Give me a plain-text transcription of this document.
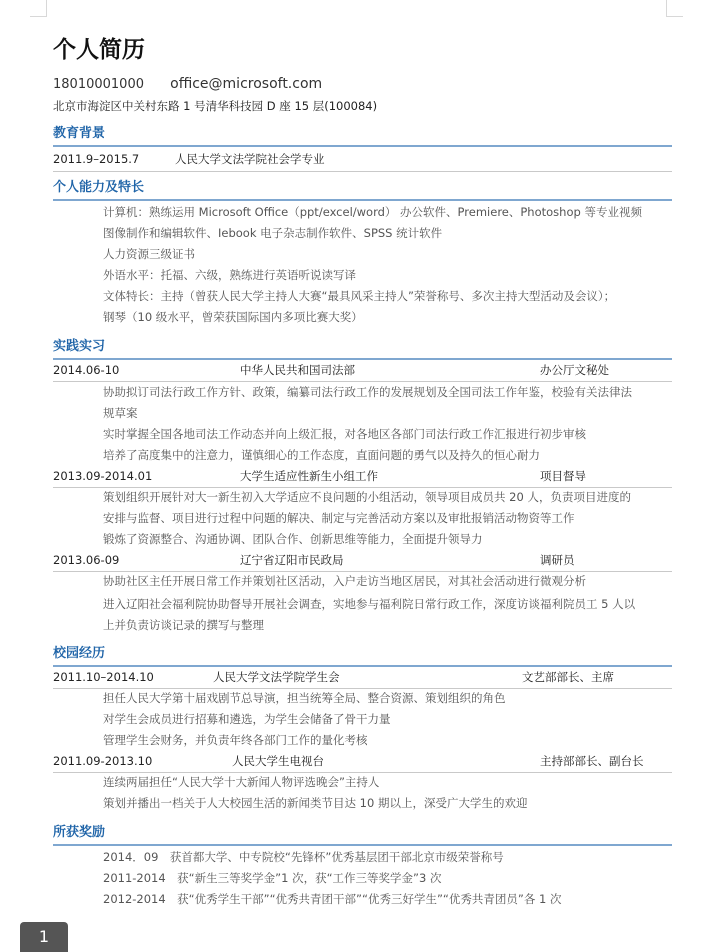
个人简历
18010001000 office@microsoft.com
北京市海淀区中关村东路 1 号清华科技园 D 座 15 层(100084)
教育背景
2011.9–2015.7	人民大学文法学院社会学专业
个人能力及特长
计算机：熟练运用 Microsoft Office（ppt/excel/word） 办公软件、Premiere、Photoshop 等专业视频
图像制作和编辑软件、Iebook 电子杂志制作软件、SPSS 统计软件
人力资源三级证书
外语水平：托福、六级，熟练进行英语听说读写译
文体特长：主持（曾获人民大学主持人大赛“最具风采主持人”荣誉称号、多次主持大型活动及会议）；
钢琴（10 级水平，曾荣获国际国内多项比赛大奖）
实践实习
2014.06-10	中华人民共和国司法部	办公厅文秘处
协助拟订司法行政工作方针、政策，编纂司法行政工作的发展规划及全国司法工作年鉴，校验有关法律法
规草案
实时掌握全国各地司法工作动态并向上级汇报，对各地区各部门司法行政工作汇报进行初步审核
培养了高度集中的注意力，谨慎细心的工作态度，直面问题的勇气以及持久的恒心耐力
2013.09-2014.01	大学生适应性新生小组工作	项目督导
策划组织开展针对大一新生初入大学适应不良问题的小组活动，领导项目成员共 20 人，负责项目进度的
安排与监督、项目进行过程中问题的解决、制定与完善活动方案以及审批报销活动物资等工作
锻炼了资源整合、沟通协调、团队合作、创新思维等能力，全面提升领导力
2013.06-09	辽宁省辽阳市民政局	调研员
协助社区主任开展日常工作并策划社区活动，入户走访当地区居民，对其社会活动进行微观分析
进入辽阳社会福利院协助督导开展社会调查，实地参与福利院日常行政工作，深度访谈福利院员工 5 人以
上并负责访谈记录的撰写与整理
校园经历
2011.10–2014.10	人民大学文法学院学生会	文艺部部长、主席
担任人民大学第十届戏剧节总导演，担当统筹全局、整合资源、策划组织的角色
对学生会成员进行招募和遴选，为学生会储备了骨干力量
管理学生会财务，并负责年终各部门工作的量化考核
2011.09-2013.10	人民大学生电视台	主持部部长、副台长
连续两届担任“人民大学十大新闻人物评选晚会”主持人
策划并播出一档关于人大校园生活的新闻类节目达 10 期以上，深受广大学生的欢迎
所获奖励
2014．09　获首都大学、中专院校“先锋杯”优秀基层团干部北京市级荣誉称号
2011-2014　获“新生三等奖学金”1 次，获“工作三等奖学金”3 次
2012-2014　获“优秀学生干部”“优秀共青团干部”“优秀三好学生”“优秀共青团员”各 1 次
1
